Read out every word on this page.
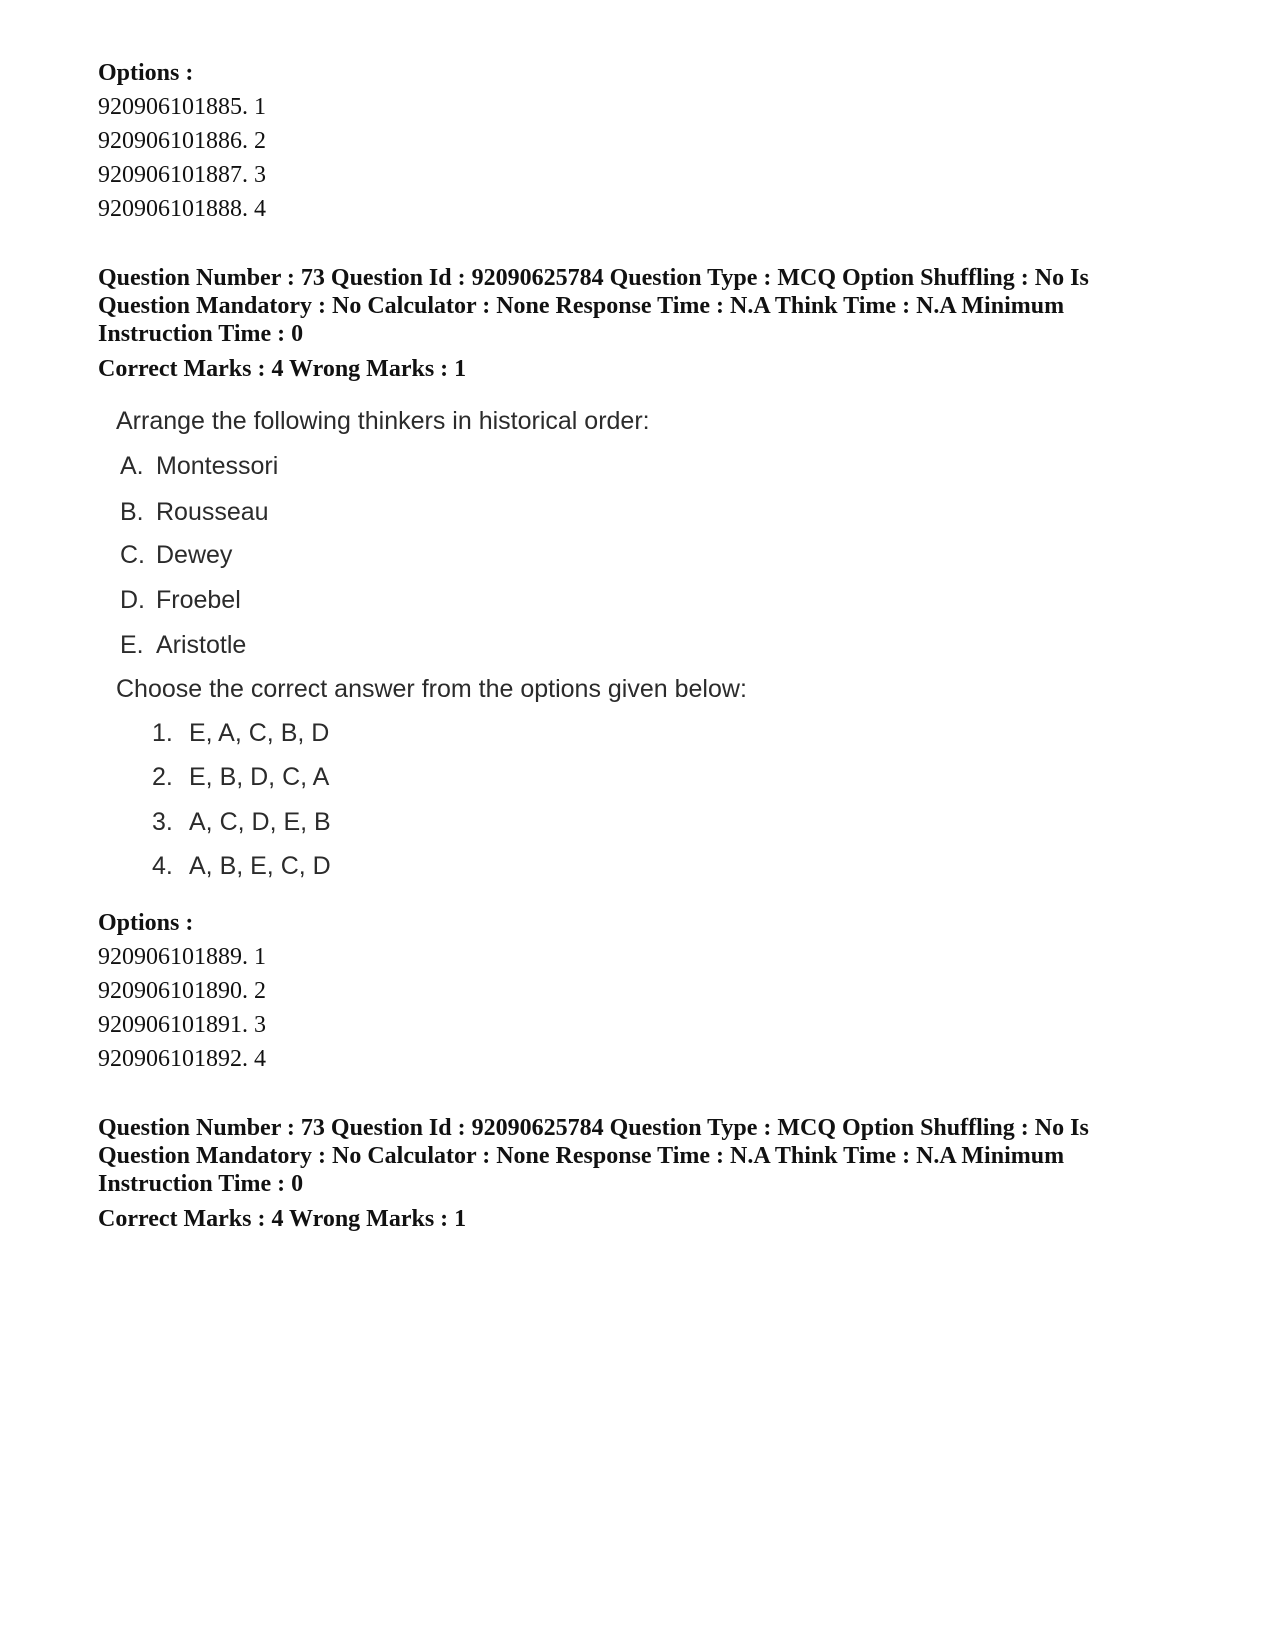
Options :
920906101885. 1
920906101886. 2
920906101887. 3
920906101888. 4
Question Number : 73 Question Id : 92090625784 Question Type : MCQ Option Shuffling : No Is Question Mandatory : No Calculator : None Response Time : N.A Think Time : N.A Minimum Instruction Time : 0
Correct Marks : 4 Wrong Marks : 1
Arrange the following thinkers in historical order:
A. Montessori
B. Rousseau
C. Dewey
D. Froebel
E. Aristotle
Choose the correct answer from the options given below:
1. E, A, C, B, D
2. E, B, D, C, A
3. A, C, D, E, B
4. A, B, E, C, D
Options :
920906101889. 1
920906101890. 2
920906101891. 3
920906101892. 4
Question Number : 73 Question Id : 92090625784 Question Type : MCQ Option Shuffling : No Is Question Mandatory : No Calculator : None Response Time : N.A Think Time : N.A Minimum Instruction Time : 0
Correct Marks : 4 Wrong Marks : 1
